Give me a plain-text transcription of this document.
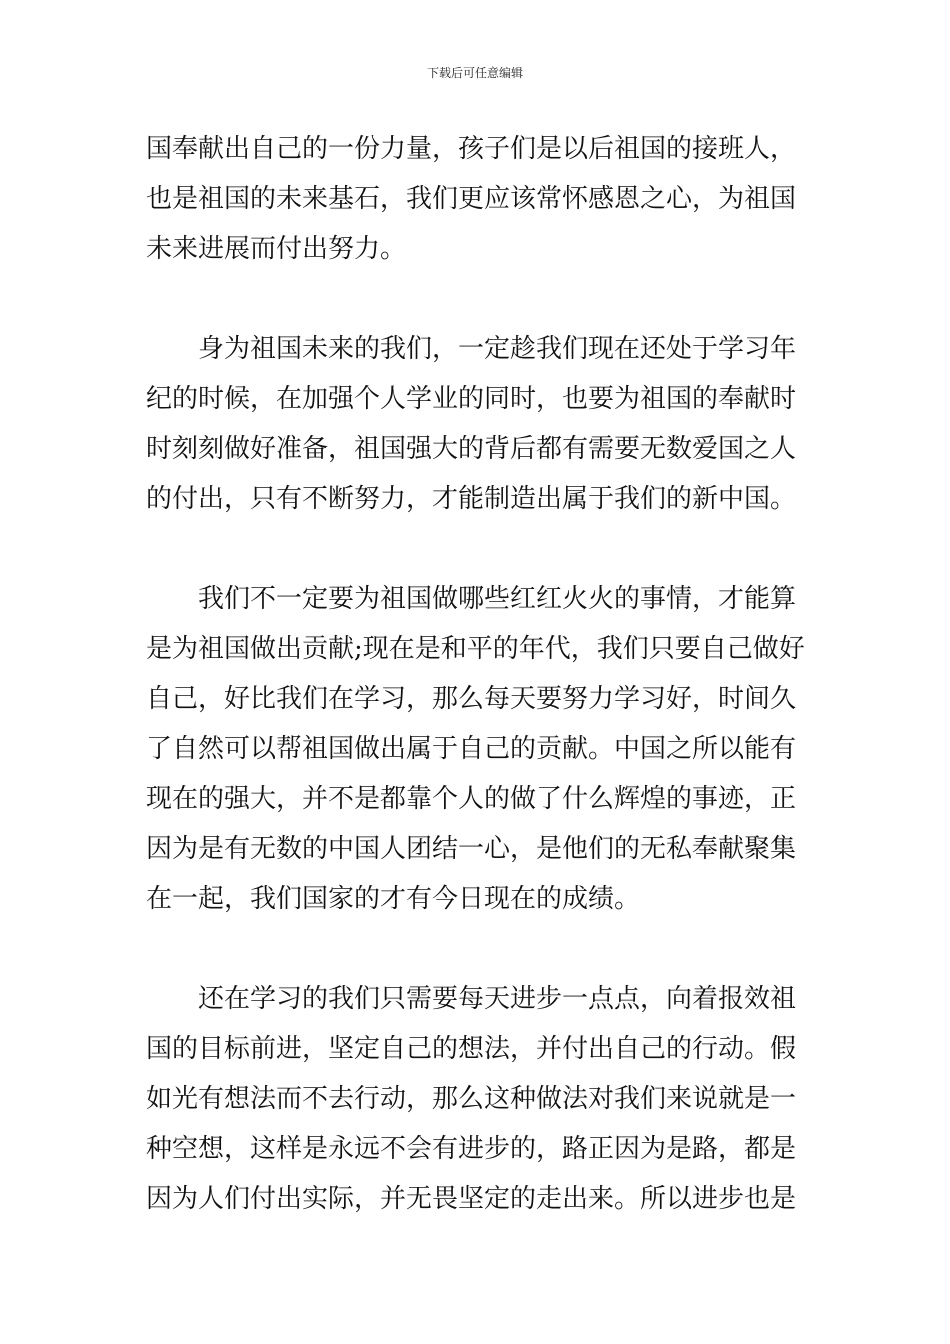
下载后可任意编辑
国奉献出自己的一份力量，孩子们是以后祖国的接班人，
也是祖国的未来基石，我们更应该常怀感恩之心，为祖国
未来进展而付出努力。
　　身为祖国未来的我们，一定趁我们现在还处于学习年
纪的时候，在加强个人学业的同时，也要为祖国的奉献时
时刻刻做好准备，祖国强大的背后都有需要无数爱国之人
的付出，只有不断努力，才能制造出属于我们的新中国。
　　我们不一定要为祖国做哪些红红火火的事情，才能算
是为祖国做出贡献;现在是和平的年代，我们只要自己做好
自己，好比我们在学习，那么每天要努力学习好，时间久
了自然可以帮祖国做出属于自己的贡献。中国之所以能有
现在的强大，并不是都靠个人的做了什么辉煌的事迹，正
因为是有无数的中国人团结一心，是他们的无私奉献聚集
在一起，我们国家的才有今日现在的成绩。
　　还在学习的我们只需要每天进步一点点，向着报效祖
国的目标前进，坚定自己的想法，并付出自己的行动。假
如光有想法而不去行动，那么这种做法对我们来说就是一
种空想，这样是永远不会有进步的，路正因为是路，都是
因为人们付出实际，并无畏坚定的走出来。所以进步也是
